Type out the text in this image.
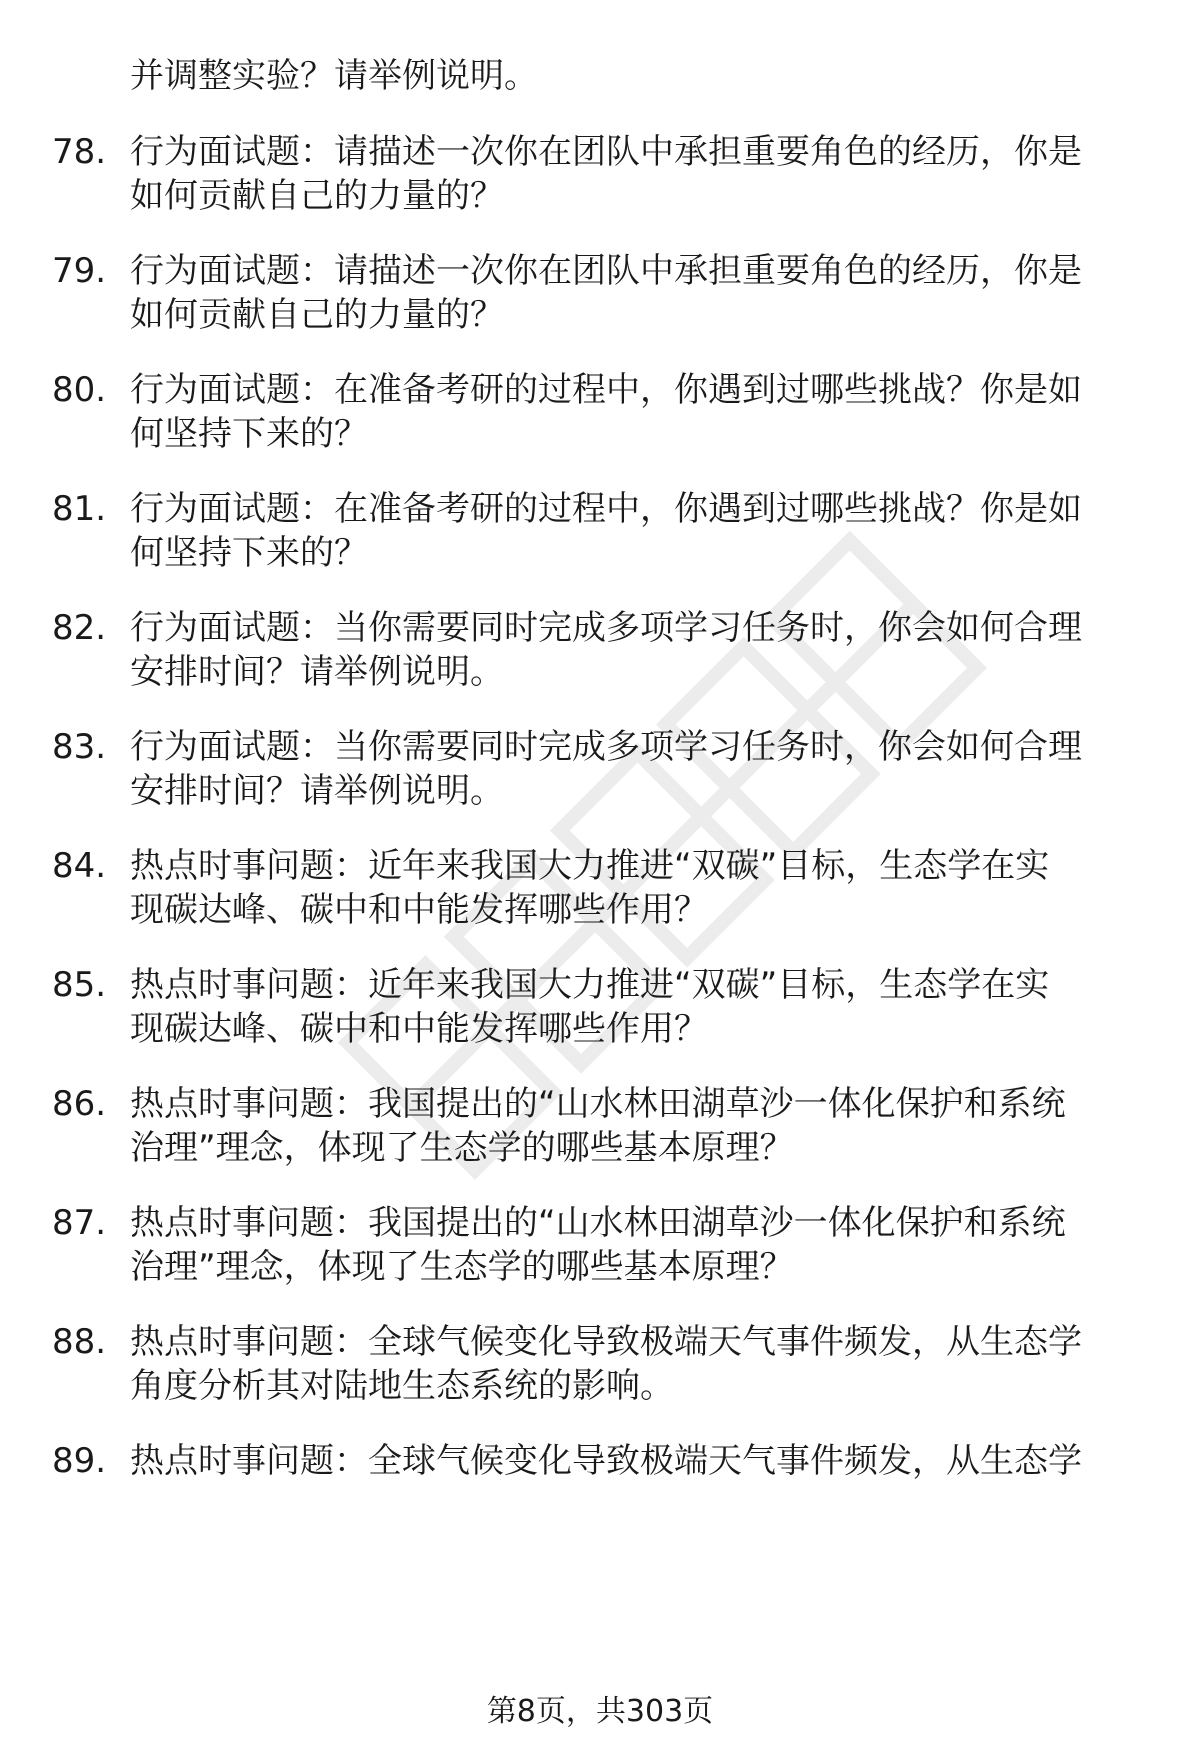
并调整实验？请举例说明。
78. 行为面试题：请描述一次你在团队中承担重要角色的经历，你是
如何贡献自己的力量的？
79. 行为面试题：请描述一次你在团队中承担重要角色的经历，你是
如何贡献自己的力量的？
80. 行为面试题：在准备考研的过程中，你遇到过哪些挑战？你是如
何坚持下来的？
81. 行为面试题：在准备考研的过程中，你遇到过哪些挑战？你是如
何坚持下来的？
82. 行为面试题：当你需要同时完成多项学习任务时，你会如何合理
安排时间？请举例说明。
83. 行为面试题：当你需要同时完成多项学习任务时，你会如何合理
安排时间？请举例说明。
84. 热点时事问题：近年来我国大力推进“双碳”目标，生态学在实
现碳达峰、碳中和中能发挥哪些作用？
85. 热点时事问题：近年来我国大力推进“双碳”目标，生态学在实
现碳达峰、碳中和中能发挥哪些作用？
86. 热点时事问题：我国提出的“山水林田湖草沙一体化保护和系统
治理”理念，体现了生态学的哪些基本原理？
87. 热点时事问题：我国提出的“山水林田湖草沙一体化保护和系统
治理”理念，体现了生态学的哪些基本原理？
88. 热点时事问题：全球气候变化导致极端天气事件频发，从生态学
角度分析其对陆地生态系统的影响。
89. 热点时事问题：全球气候变化导致极端天气事件频发，从生态学
第8页，共303页
